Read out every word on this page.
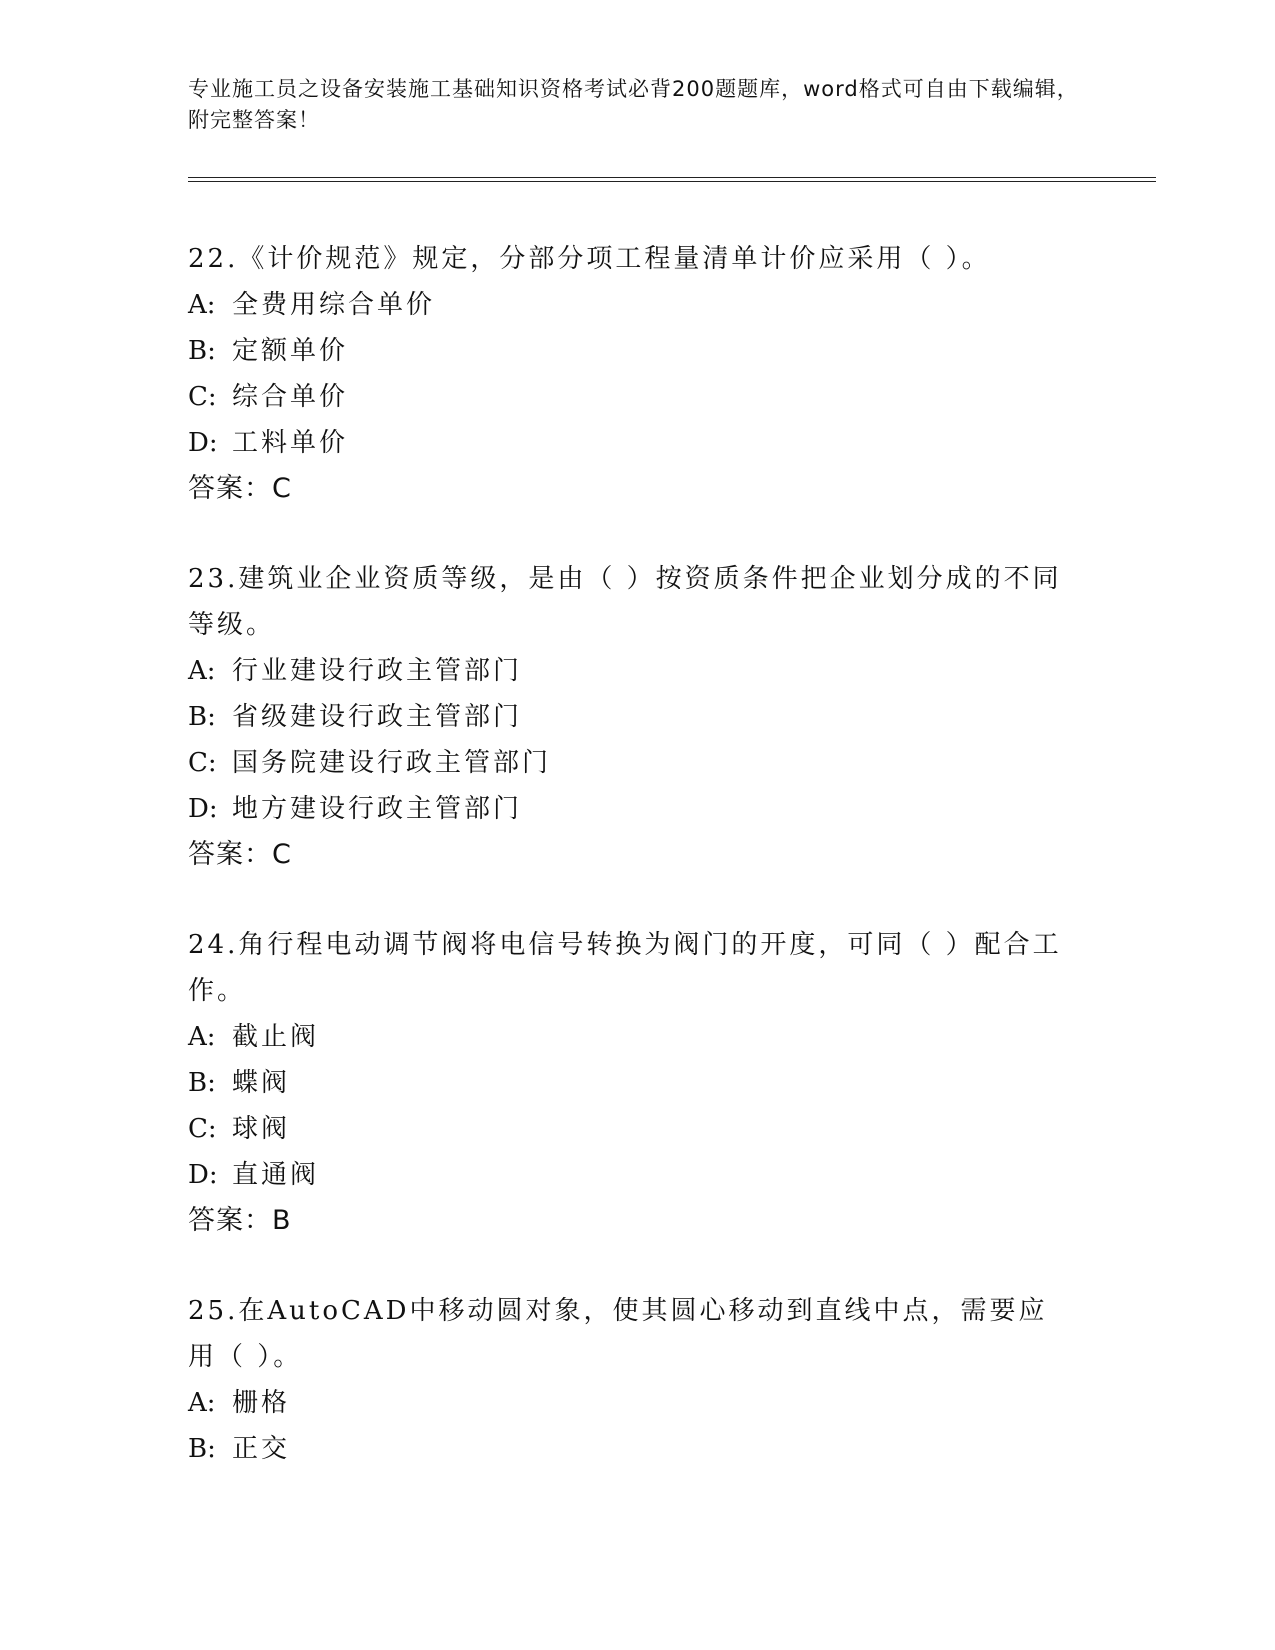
专业施工员之设备安装施工基础知识资格考试必背200题题库，word格式可自由下载编辑，附完整答案！

22.《计价规范》规定，分部分项工程量清单计价应采用（ ）。

A: 全费用综合单价

B: 定额单价

C: 综合单价

D: 工料单价

答案：C

23.建筑业企业资质等级，是由（ ）按资质条件把企业划分成的不同等级。

A: 行业建设行政主管部门

B: 省级建设行政主管部门

C: 国务院建设行政主管部门

D: 地方建设行政主管部门

答案：C

24.角行程电动调节阀将电信号转换为阀门的开度，可同（ ）配合工作。

A: 截止阀

B: 蝶阀

C: 球阀

D: 直通阀

答案：B

25.在AutoCAD中移动圆对象，使其圆心移动到直线中点，需要应用（ ）。

A: 栅格

B: 正交
